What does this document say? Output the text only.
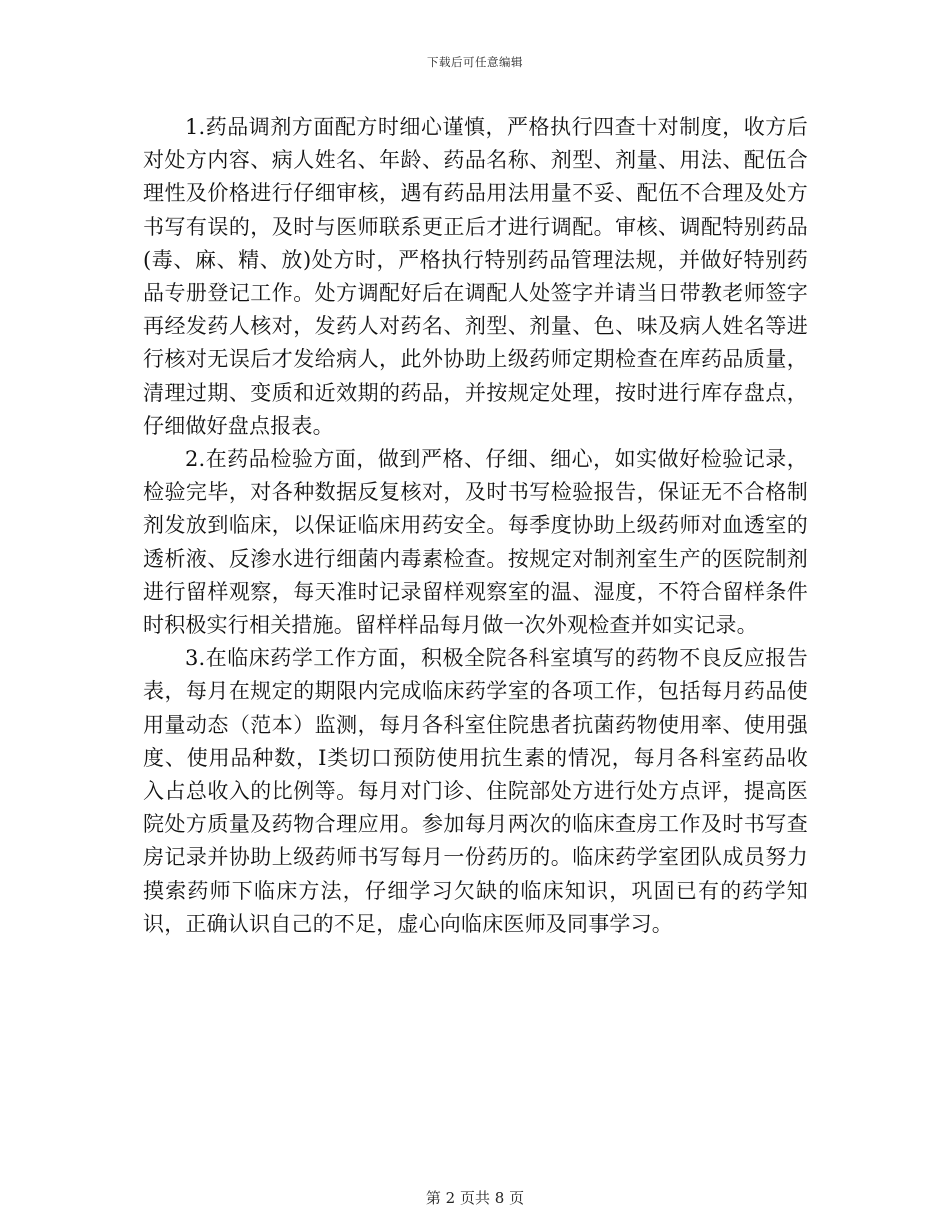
下载后可任意编辑

1.药品调剂方面配方时细心谨慎，严格执行四查十对制度，收方后对处方内容、病人姓名、年龄、药品名称、剂型、剂量、用法、配伍合理性及价格进行仔细审核，遇有药品用法用量不妥、配伍不合理及处方书写有误的，及时与医师联系更正后才进行调配。审核、调配特别药品(毒、麻、精、放)处方时，严格执行特别药品管理法规，并做好特别药品专册登记工作。处方调配好后在调配人处签字并请当日带教老师签字再经发药人核对，发药人对药名、剂型、剂量、色、味及病人姓名等进行核对无误后才发给病人，此外协助上级药师定期检查在库药品质量，清理过期、变质和近效期的药品，并按规定处理，按时进行库存盘点，仔细做好盘点报表。

2.在药品检验方面，做到严格、仔细、细心，如实做好检验记录，检验完毕，对各种数据反复核对，及时书写检验报告，保证无不合格制剂发放到临床，以保证临床用药安全。每季度协助上级药师对血透室的透析液、反渗水进行细菌内毒素检查。按规定对制剂室生产的医院制剂进行留样观察，每天准时记录留样观察室的温、湿度，不符合留样条件时积极实行相关措施。留样样品每月做一次外观检查并如实记录。

3.在临床药学工作方面，积极全院各科室填写的药物不良反应报告表，每月在规定的期限内完成临床药学室的各项工作，包括每月药品使用量动态（范本）监测，每月各科室住院患者抗菌药物使用率、使用强度、使用品种数，Ⅰ类切口预防使用抗生素的情况，每月各科室药品收入占总收入的比例等。每月对门诊、住院部处方进行处方点评，提高医院处方质量及药物合理应用。参加每月两次的临床查房工作及时书写查房记录并协助上级药师书写每月一份药历的。临床药学室团队成员努力摸索药师下临床方法，仔细学习欠缺的临床知识，巩固已有的药学知识，正确认识自己的不足，虚心向临床医师及同事学习。

第 2 页共 8 页
